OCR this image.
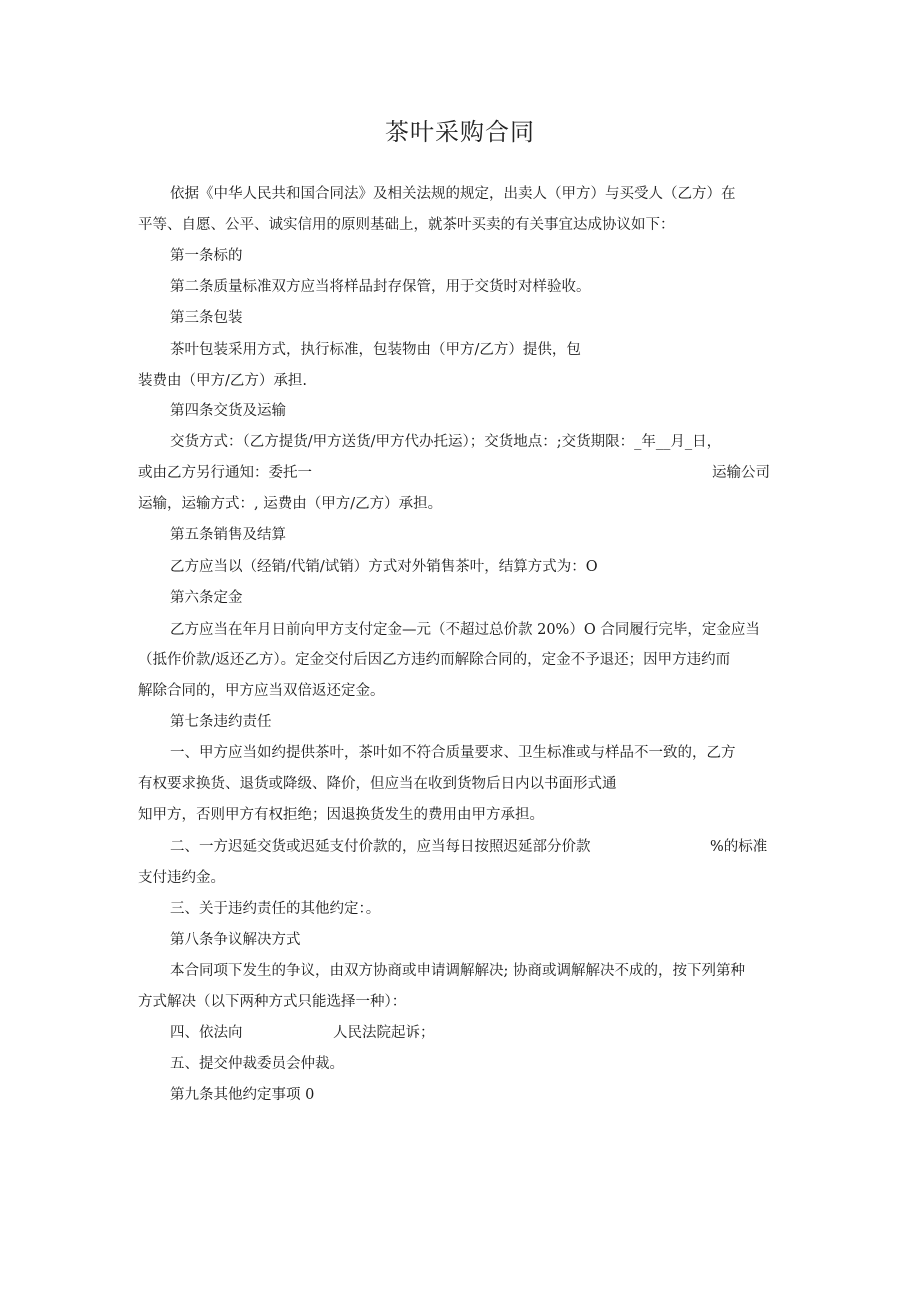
茶叶采购合同
依据《中华人民共和国合同法》及相关法规的规定，出卖人（甲方）与买受人（乙方）在
平等、自愿、公平、诚实信用的原则基础上，就茶叶买卖的有关事宜达成协议如下：
第一条标的
第二条质量标准双方应当将样品封存保管，用于交货时对样验收。
第三条包装
茶叶包装采用方式，执行标准，包装物由（甲方/乙方）提供，包
装费由（甲方/乙方）承担.
第四条交货及运输
交货方式：（乙方提货/甲方送货/甲方代办托运）；交货地点：;交货期限：_年__月_日，
或由乙方另行通知：委托一	运输公司
运输，运输方式：, 运费由（甲方/乙方）承担。
第五条销售及结算
乙方应当以（经销/代销/试销）方式对外销售茶叶，结算方式为：O
第六条定金
乙方应当在年月日前向甲方支付定金—元（不超过总价款 20%）O 合同履行完毕，定金应当
（抵作价款/返还乙方）。定金交付后因乙方违约而解除合同的，定金不予退还；因甲方违约而
解除合同的，甲方应当双倍返还定金。
第七条违约责任
一、甲方应当如约提供茶叶，茶叶如不符合质量要求、卫生标准或与样品不一致的，乙方
有权要求换货、退货或降级、降价，但应当在收到货物后日内以书面形式通
知甲方，否则甲方有权拒绝；因退换货发生的费用由甲方承担。
二、一方迟延交货或迟延支付价款的，应当每日按照迟延部分价款	%的标准
支付违约金。
三、关于违约责任的其他约定：。
第八条争议解决方式
本合同项下发生的争议，由双方协商或申请调解解决; 协商或调解解决不成的，按下列第种
方式解决（以下两种方式只能选择一种）：
四、依法向	人民法院起诉；
五、提交仲裁委员会仲裁。
第九条其他约定事项 0
